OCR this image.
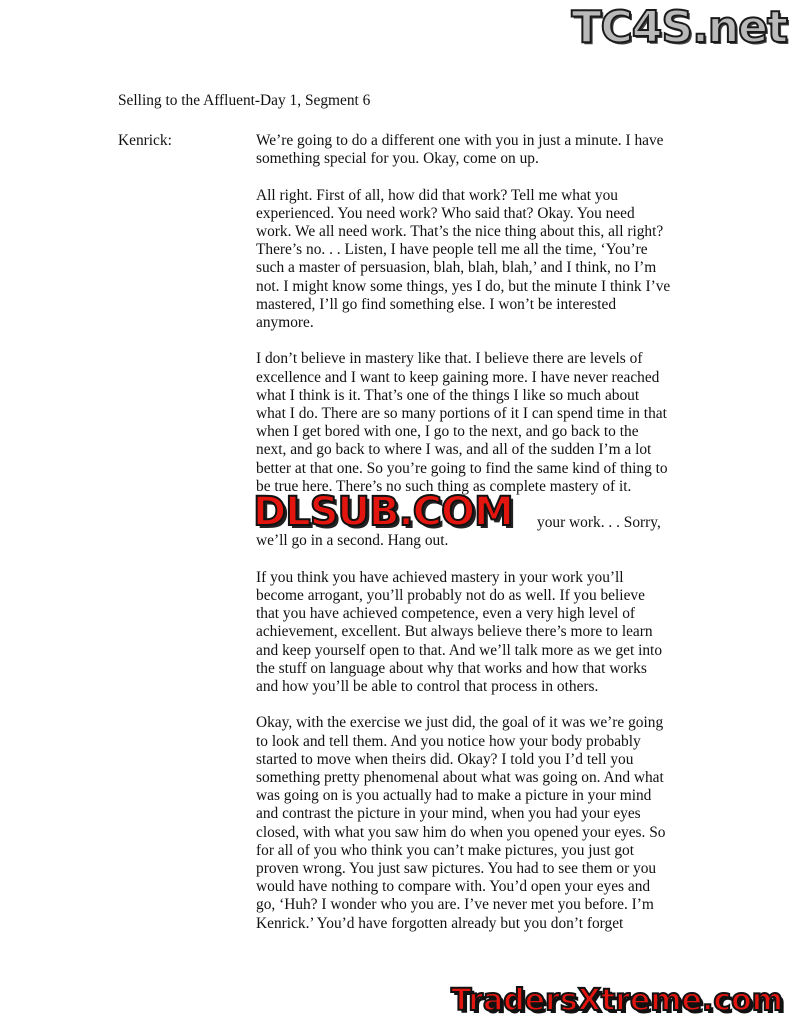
TC4S.net
Selling to the Affluent-Day 1, Segment 6
Kenrick:	We’re going to do a different one with you in just a minute. I have
something special for you. Okay, come on up.
All right. First of all, how did that work? Tell me what you
experienced. You need work? Who said that? Okay. You need
work. We all need work. That’s the nice thing about this, all right?
There’s no. . . Listen, I have people tell me all the time, ‘You’re
such a master of persuasion, blah, blah, blah,’ and I think, no I’m
not. I might know some things, yes I do, but the minute I think I’ve
mastered, I’ll go find something else. I won’t be interested
anymore.
I don’t believe in mastery like that. I believe there are levels of
excellence and I want to keep gaining more. I have never reached
what I think is it. That’s one of the things I like so much about
what I do. There are so many portions of it I can spend time in that
when I get bored with one, I go to the next, and go back to the
next, and go back to where I was, and all of the sudden I’m a lot
better at that one. So you’re going to find the same kind of thing to
be true here. There’s no such thing as complete mastery of it.
your work. . . Sorry,
we’ll go in a second. Hang out.
If you think you have achieved mastery in your work you’ll
become arrogant, you’ll probably not do as well. If you believe
that you have achieved competence, even a very high level of
achievement, excellent. But always believe there’s more to learn
and keep yourself open to that. And we’ll talk more as we get into
the stuff on language about why that works and how that works
and how you’ll be able to control that process in others.
Okay, with the exercise we just did, the goal of it was we’re going
to look and tell them. And you notice how your body probably
started to move when theirs did. Okay? I told you I’d tell you
something pretty phenomenal about what was going on. And what
was going on is you actually had to make a picture in your mind
and contrast the picture in your mind, when you had your eyes
closed, with what you saw him do when you opened your eyes. So
for all of you who think you can’t make pictures, you just got
proven wrong. You just saw pictures. You had to see them or you
would have nothing to compare with. You’d open your eyes and
go, ‘Huh? I wonder who you are. I’ve never met you before. I’m
Kenrick.’ You’d have forgotten already but you don’t forget
DLSUB.COM
TradersXtreme.com
